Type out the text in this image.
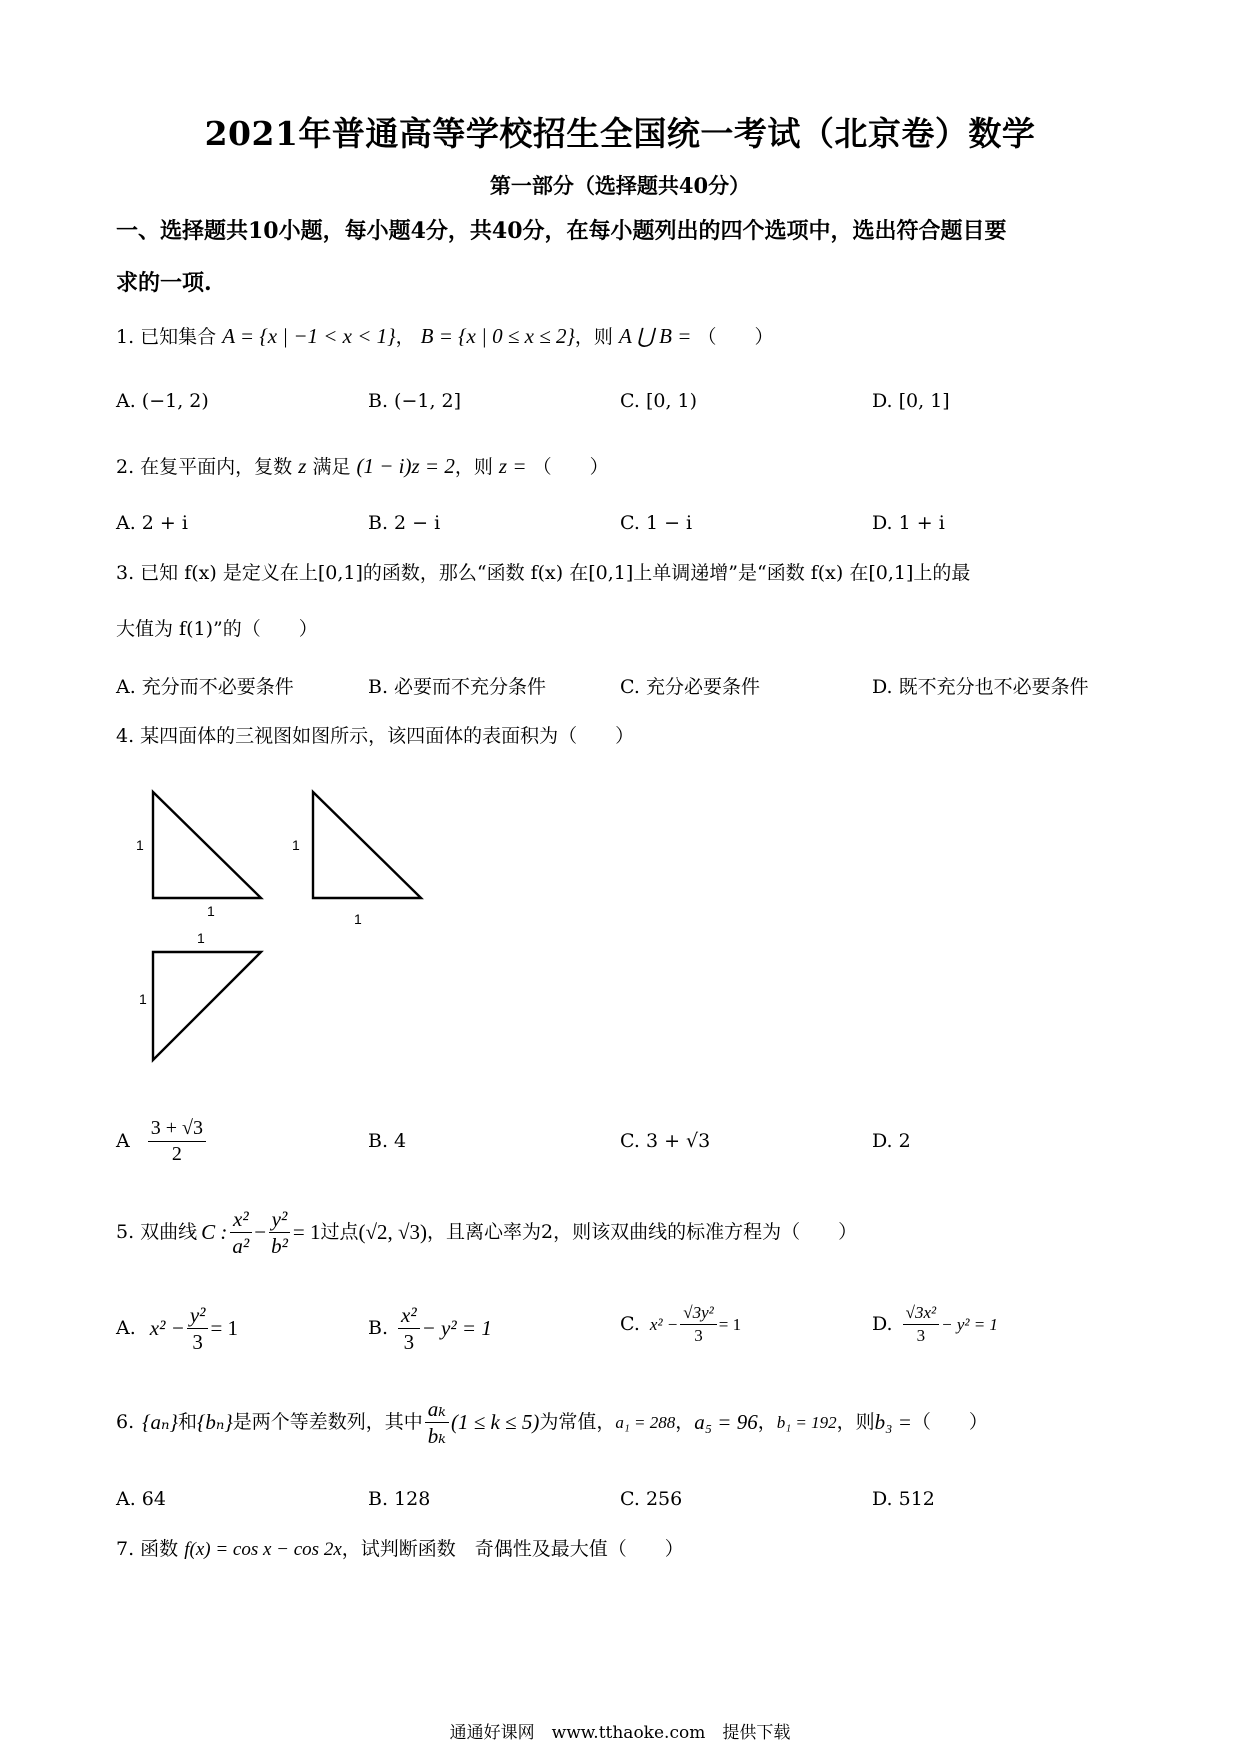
2021年普通高等学校招生全国统一考试（北京卷）数学
第一部分（选择题共40分）
一、选择题共10小题，每小题4分，共40分，在每小题列出的四个选项中，选出符合题目要
求的一项.
1. 已知集合 A = {x | −1 < x < 1}， B = {x | 0 ≤ x ≤ 2}，则 A ⋃ B = （　　）
A. (−1, 2)	B. (−1, 2]	C. [0, 1)	D. [0, 1]
2. 在复平面内，复数 z 满足 (1 − i)z = 2，则 z = （　　）
A. 2 + i	B. 2 − i	C. 1 − i	D. 1 + i
3. 已知 f(x) 是定义在上[0,1]的函数，那么“函数 f(x) 在[0,1]上单调递增”是“函数 f(x) 在[0,1]上的最
大值为 f(1)”的（　　）
A. 充分而不必要条件	B. 必要而不充分条件	C. 充分必要条件	D. 既不充分也不必要条件
4. 某四面体的三视图如图所示，该四面体的表面积为（　　）
1
1
1
1
1
1
A $\frac{3 + √3}{2}$	B. 4	C. 3 + √3	D. 2
5. 双曲线 C : $\frac{\text{x²}}{\text{a²}} - \frac{\text{y²}}{\text{b²}} = 1$ 过点 (√2, √3) ，且离心率为2，则该双曲线的标准方程为（　　）
A. $x^2 - \frac{\text{y²}}{3} = 1$	B. $\frac{\text{x²}}{3} - y^2 = 1$	C. $x^2 - \frac{\text{√3y²}}{3} = 1$	D. $\frac{\text{√3x²}}{3} - y^2 = 1$
6. {aₙ} 和 {bₙ} 是两个等差数列，其中 $\frac{\text{aₖ}}{\text{bₖ}} (1 \le k \le 5)$ 为常值， a₁ = 288 ， a₅ = 96 ， b₁ = 192 ，则 b₃ = （　　）
A. 64	B. 128	C. 256	D. 512
7. 函数 f(x) = cos x − cos 2x，试判断函数　奇偶性及最大值（　　）
通通好课网　www.tthaoke.com　提供下载
